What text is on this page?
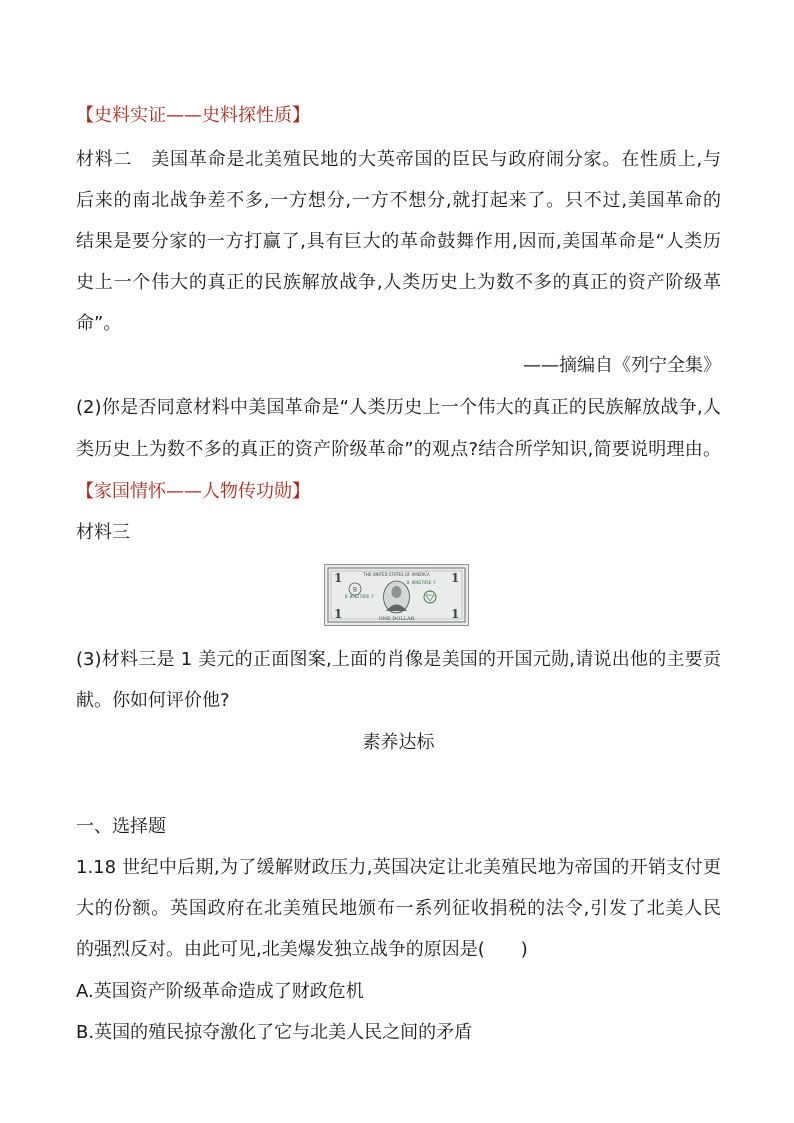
【史料实证——史料探性质】
材料二　美国革命是北美殖民地的大英帝国的臣民与政府闹分家。在性质上,与
后来的南北战争差不多,一方想分,一方不想分,就打起来了。只不过,美国革命的
结果是要分家的一方打赢了,具有巨大的革命鼓舞作用,因而,美国革命是“人类历
史上一个伟大的真正的民族解放战争,人类历史上为数不多的真正的资产阶级革
命”。
——摘编自《列宁全集》
(2)你是否同意材料中美国革命是“人类历史上一个伟大的真正的民族解放战争,人
类历史上为数不多的真正的资产阶级革命”的观点?结合所学知识,简要说明理由。
【家国情怀——人物传功勋】
材料三
1	1
1	1
THE UNITED STATES OF AMERICA
B 09627456 F
B 09627456 F
B
ONE DOLLAR
(3)材料三是 1 美元的正面图案,上面的肖像是美国的开国元勋,请说出他的主要贡
献。你如何评价他?
素养达标
一、选择题
1.18 世纪中后期,为了缓解财政压力,英国决定让北美殖民地为帝国的开销支付更
大的份额。英国政府在北美殖民地颁布一系列征收捐税的法令,引发了北美人民
的强烈反对。由此可见,北美爆发独立战争的原因是(　　)
A.英国资产阶级革命造成了财政危机
B.英国的殖民掠夺激化了它与北美人民之间的矛盾
